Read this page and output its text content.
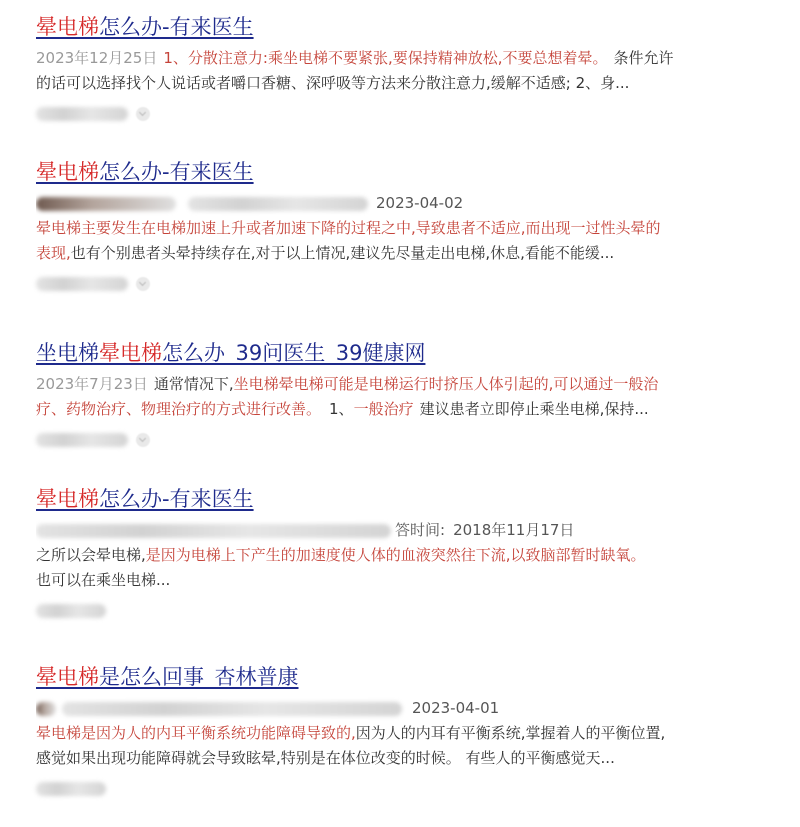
晕电梯怎么办-有来医生
2023年12月25日 1、分散注意力:乘坐电梯不要紧张,要保持精神放松,不要总想着晕。 条件允许
的话可以选择找个人说话或者嚼口香糖、深呼吸等方法来分散注意力,缓解不适感; 2、身...
晕电梯怎么办-有来医生
2023-04-02
晕电梯主要发生在电梯加速上升或者加速下降的过程之中,导致患者不适应,而出现一过性头晕的
表现,也有个别患者头晕持续存在,对于以上情况,建议先尽量走出电梯,休息,看能不能缓...
坐电梯晕电梯怎么办_39问医生_39健康网
2023年7月23日 通常情况下,坐电梯晕电梯可能是电梯运行时挤压人体引起的,可以通过一般治
疗、药物治疗、物理治疗的方式进行改善。 1、一般治疗 建议患者立即停止乘坐电梯,保持...
晕电梯怎么办-有来医生
答时间: 2018年11月17日
之所以会晕电梯,是因为电梯上下产生的加速度使人体的血液突然往下流,以致脑部暂时缺氧。
也可以在乘坐电梯...
晕电梯是怎么回事_杏林普康
2023-04-01
晕电梯是因为人的内耳平衡系统功能障碍导致的,因为人的内耳有平衡系统,掌握着人的平衡位置,
感觉如果出现功能障碍就会导致眩晕,特别是在体位改变的时候。 有些人的平衡感觉天...
